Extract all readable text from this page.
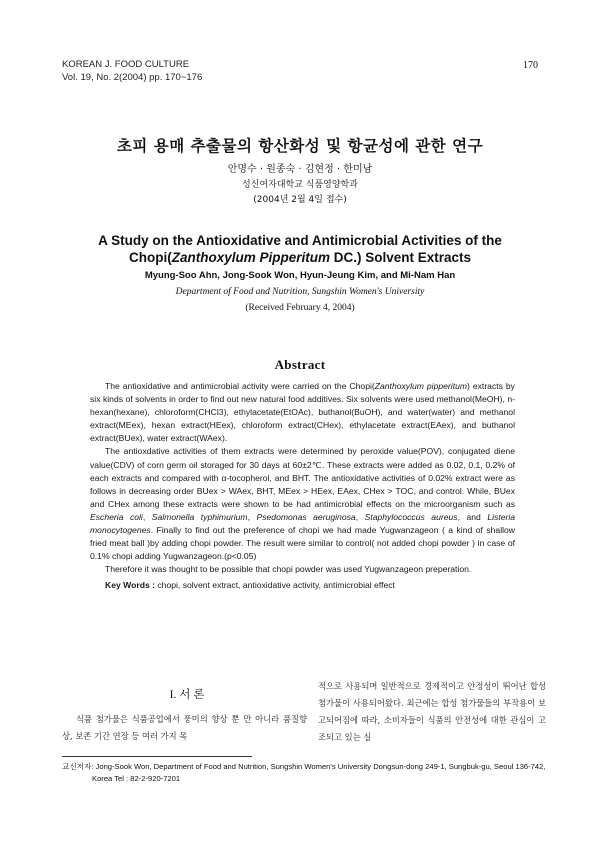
KOREAN J. FOOD CULTURE
Vol. 19, No. 2(2004) pp. 170~176
170
초피 용매 추출물의 항산화성 및 항균성에 관한 연구
안명수 · 원종숙 · 김현정 · 한미남
성신여자대학교 식품영양학과
(2004년 2월 4일 접수)
A Study on the Antioxidative and Antimicrobial Activities of the
Chopi(Zanthoxylum Pipperitum DC.) Solvent Extracts
Myung-Soo Ahn, Jong-Sook Won, Hyun-Jeung Kim, and Mi-Nam Han
Department of Food and Nutrition, Sungshin Women's University
(Received February 4, 2004)
Abstract

The antioxidative and antimicrobial activity were carried on the Chopi(Zanthoxylum pipperitum) extracts by six kinds of solvents in order to find out new natural food additives. Six solvents were used methanol(MeOH), n-hexan(hexane), chloroform(CHCl3), ethylacetate(EtOAc), buthanol(BuOH), and water(water) and methanol extract(MEex), hexan extract(HEex), chloroform extract(CHex), ethylacetate extract(EAex), and buthanol extract(BUex), water extract(WAex).

The antioxdative activities of them extracts were determined by peroxide value(POV), conjugated diene value(CDV) of corn germ oil storaged for 30 days at 60±2℃. These extracts were added as 0.02, 0.1, 0.2% of each extracts and compared with α-tocopherol, and BHT. The antioxidative activities of 0.02% extract were as follows in decreasing order BUex > WAex, BHT, MEex > HEex, EAex, CHex > TOC, and control. While, BUex and CHex among these extracts were shown to be had antimicrobial effects on the microorganism such as Escheria coli, Salmonella typhimurium, Psedomonas aeruginosa, Staphylococcus aureus, and Listeria monocytogenes. Finally to find out the preference of chopi we had made Yugwanzageon ( a kind of shallow fried meat ball )by adding chopi powder. The result were similar to control( not added chopi powder ) in case of 0.1% chopi adding Yugwanzageon.(p<0.05)

Therefore it was thought to be possible that chopi powder was used Yugwanzageon preperation.

Key Words : chopi, solvent extract, antioxidative activity, antimicrobial effect

I. 서 론
식품 첨가물은 식품공업에서 풍미의 향상 뿐 만 아니라 품질향상, 보존 기간 연장 등 여러 가지 목
적으로 사용되며 일반적으로 경제적이고 안정성이 뛰어난 합성첨가물이 사용되어왔다. 최근에는 합성 첨가물들의 부작용이 보고되어짐에 따라, 소비자들이 식품의 안전성에 대한 관심이 고조되고 있는 실
교신저자: Jong-Sook Won, Department of Food and Nutrition, Sungshin Women's University Dongsun-dong 249-1, Sungbuk-gu, Seoul 136-742,
Korea Tel : 82-2-920-7201
